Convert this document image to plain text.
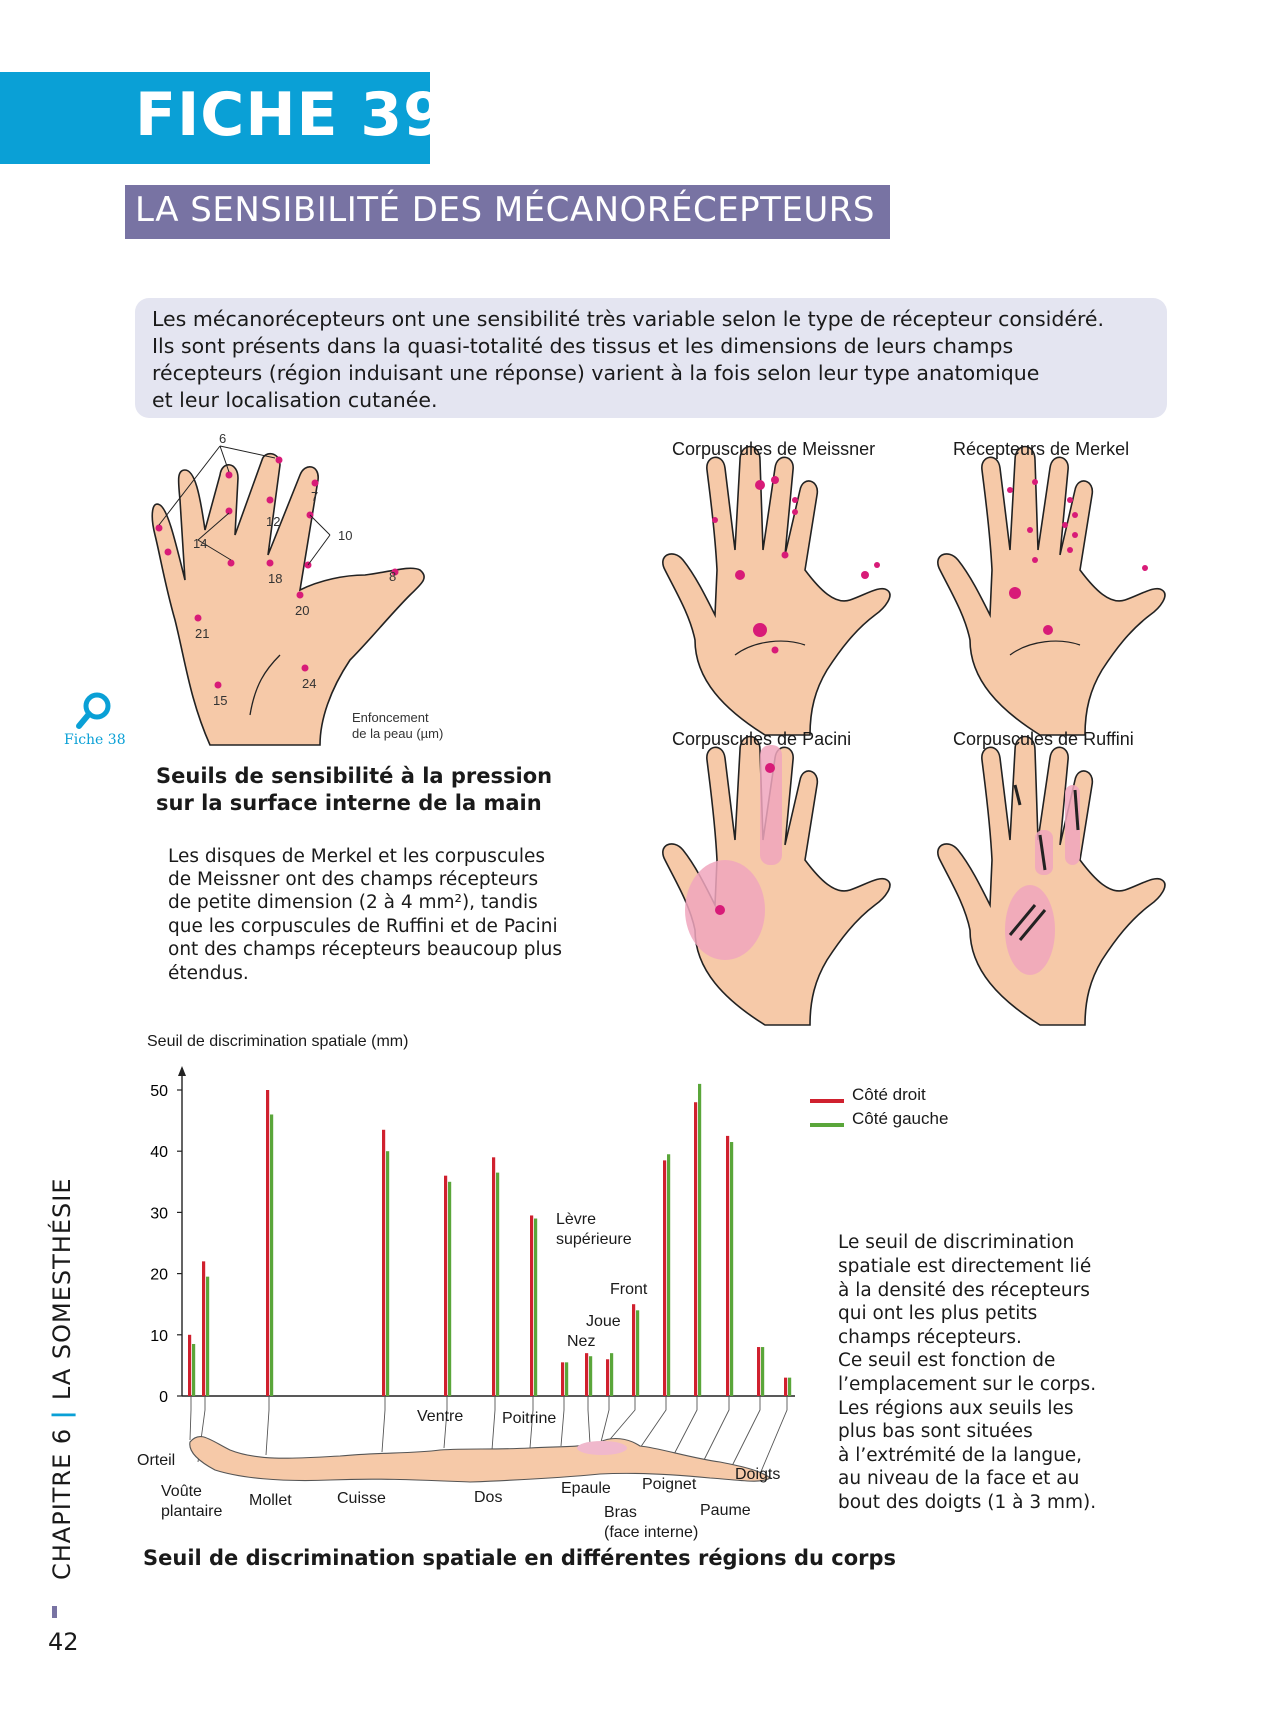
FICHE 39
LA SENSIBILITÉ DES MÉCANORÉCEPTEURS
Les mécanorécepteurs ont une sensibilité très variable selon le type de récepteur considéré.
Ils sont présents dans la quasi-totalité des tissus et les dimensions de leurs champs
récepteurs (région induisant une réponse) varient à la fois selon leur type anatomique
et leur localisation cutanée.
0
10
20
30
40
50
6
7
12
14
10
8
18
20
21
24
15
Enfoncement
de la peau (µm)
Fiche 38
Seuils de sensibilité à la pression
sur la surface interne de la main
Corpuscules de Meissner	Récepteurs de Merkel
Corpuscules de Pacini	Corpuscules de Ruffini
Les disques de Merkel et les corpuscules
de Meissner ont des champs récepteurs
de petite dimension (2 à 4 mm²), tandis
que les corpuscules de Ruffini et de Pacini
ont des champs récepteurs beaucoup plus
étendus.
Seuil de discrimination spatiale (mm)
Côté droit
Côté gauche
Orteil
Voûte
plantaire
Mollet	Cuisse
Ventre
Dos
Poitrine
Lèvre
supérieure
Front
Joue
Nez
Epaule
Bras
(face interne)
Poignet
Paume
Doigts
Seuil de discrimination spatiale en différentes régions du corps
Le seuil de discrimination
spatiale est directement lié
à la densité des récepteurs
qui ont les plus petits
champs récepteurs.
Ce seuil est fonction de
l’emplacement sur le corps.
Les régions aux seuils les
plus bas sont situées
à l’extrémité de la langue,
au niveau de la face et au
bout des doigts (1 à 3 mm).
CHAPITRE 6 | LA SOMESTHÉSIE
42
